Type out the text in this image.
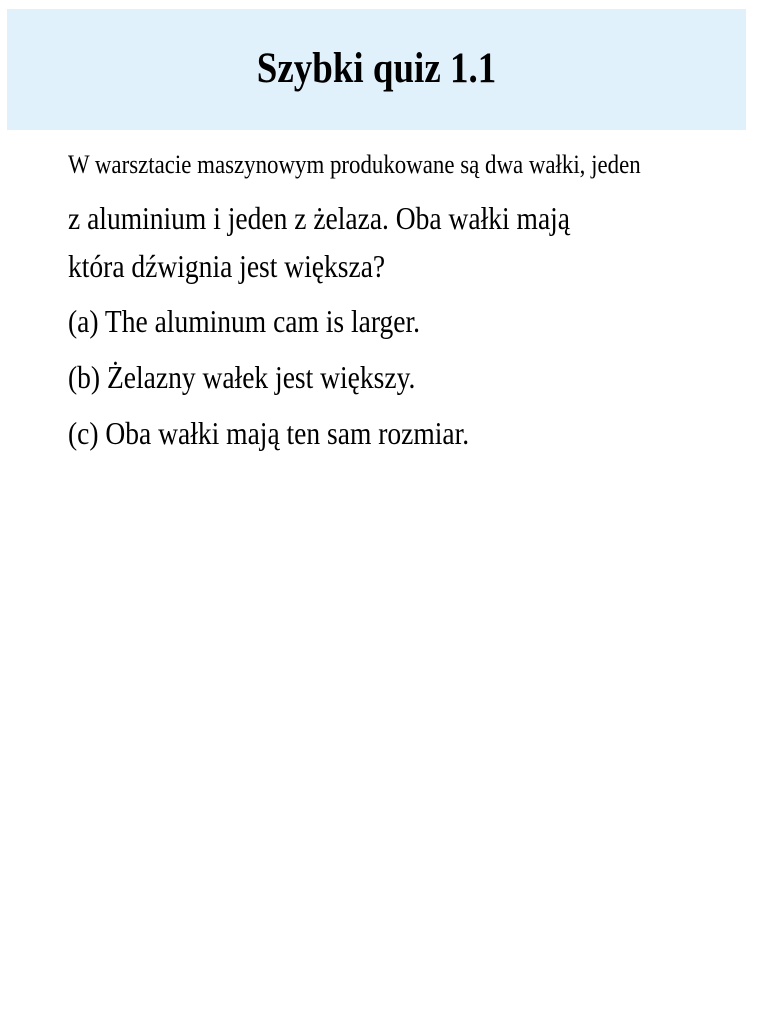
Szybki quiz 1.1

W warsztacie maszynowym produkowane są dwa wałki, jeden

z aluminium i jeden z żelaza. Oba wałki mają

która dźwignia jest większa?

(a) The aluminum cam is larger.

(b) Żelazny wałek jest większy.

(c) Oba wałki mają ten sam rozmiar.
